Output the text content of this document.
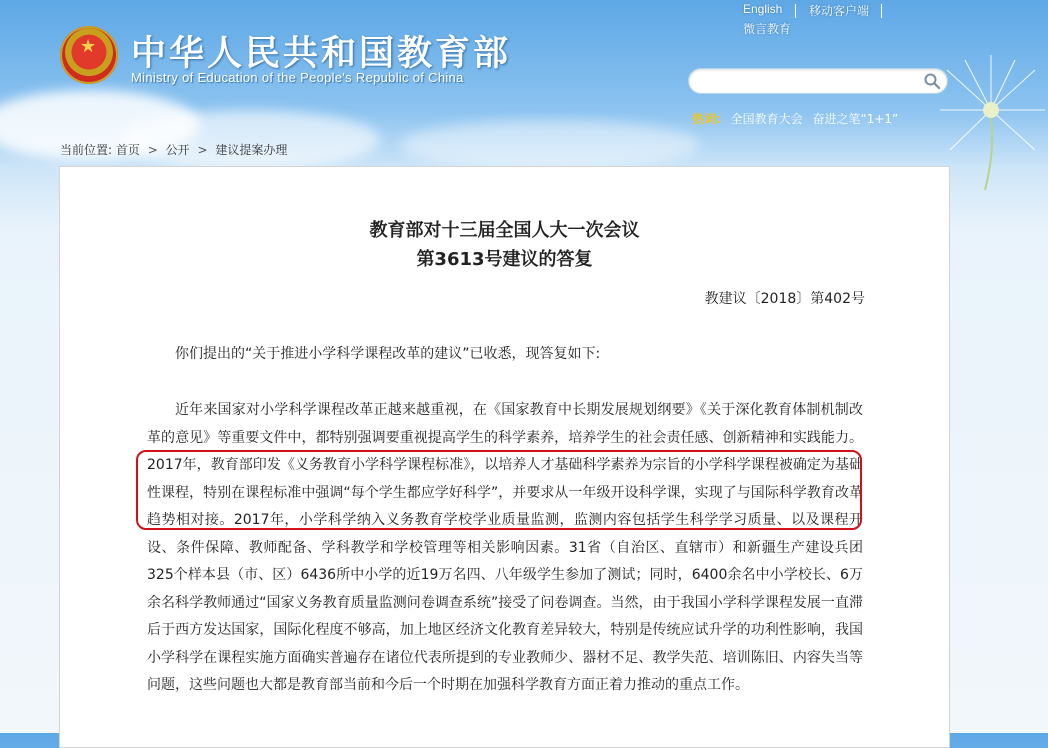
★ 中华人民共和国教育部
Ministry of Education of the People's Republic of China
English 移动客户端
微言教育
热词: 全国教育大会 奋进之笔“1+1”
当前位置: 首页 > 公开 > 建议提案办理
教育部对十三届全国人大一次会议
第3613号建议的答复
教建议〔2018〕第402号

你们提出的“关于推进小学科学课程改革的建议”已收悉，现答复如下:

近年来国家对小学科学课程改革正越来越重视，在《国家教育中长期发展规划纲要》《关于深化教育体制机制改革的意见》等重要文件中，都特别强调要重视提高学生的科学素养，培养学生的社会责任感、创新精神和实践能力。2017年，教育部印发《义务教育小学科学课程标准》，以培养人才基础科学素养为宗旨的小学科学课程被确定为基础性课程，特别在课程标准中强调“每个学生都应学好科学”，并要求从一年级开设科学课，实现了与国际科学教育改革趋势相对接。2017年，小学科学纳入义务教育学校学业质量监测，监测内容包括学生科学学习质量、以及课程开设、条件保障、教师配备、学科教学和学校管理等相关影响因素。31省（自治区、直辖市）和新疆生产建设兵团325个样本县（市、区）6436所中小学的近19万名四、八年级学生参加了测试；同时，6400余名中小学校长、6万余名科学教师通过“国家义务教育质量监测问卷调查系统”接受了问卷调查。当然，由于我国小学科学课程发展一直滞后于西方发达国家，国际化程度不够高，加上地区经济文化教育差异较大，特别是传统应试升学的功利性影响，我国小学科学在课程实施方面确实普遍存在诸位代表所提到的专业教师少、器材不足、教学失范、培训陈旧、内容失当等问题，这些问题也大都是教育部当前和今后一个时期在加强科学教育方面正着力推动的重点工作。
